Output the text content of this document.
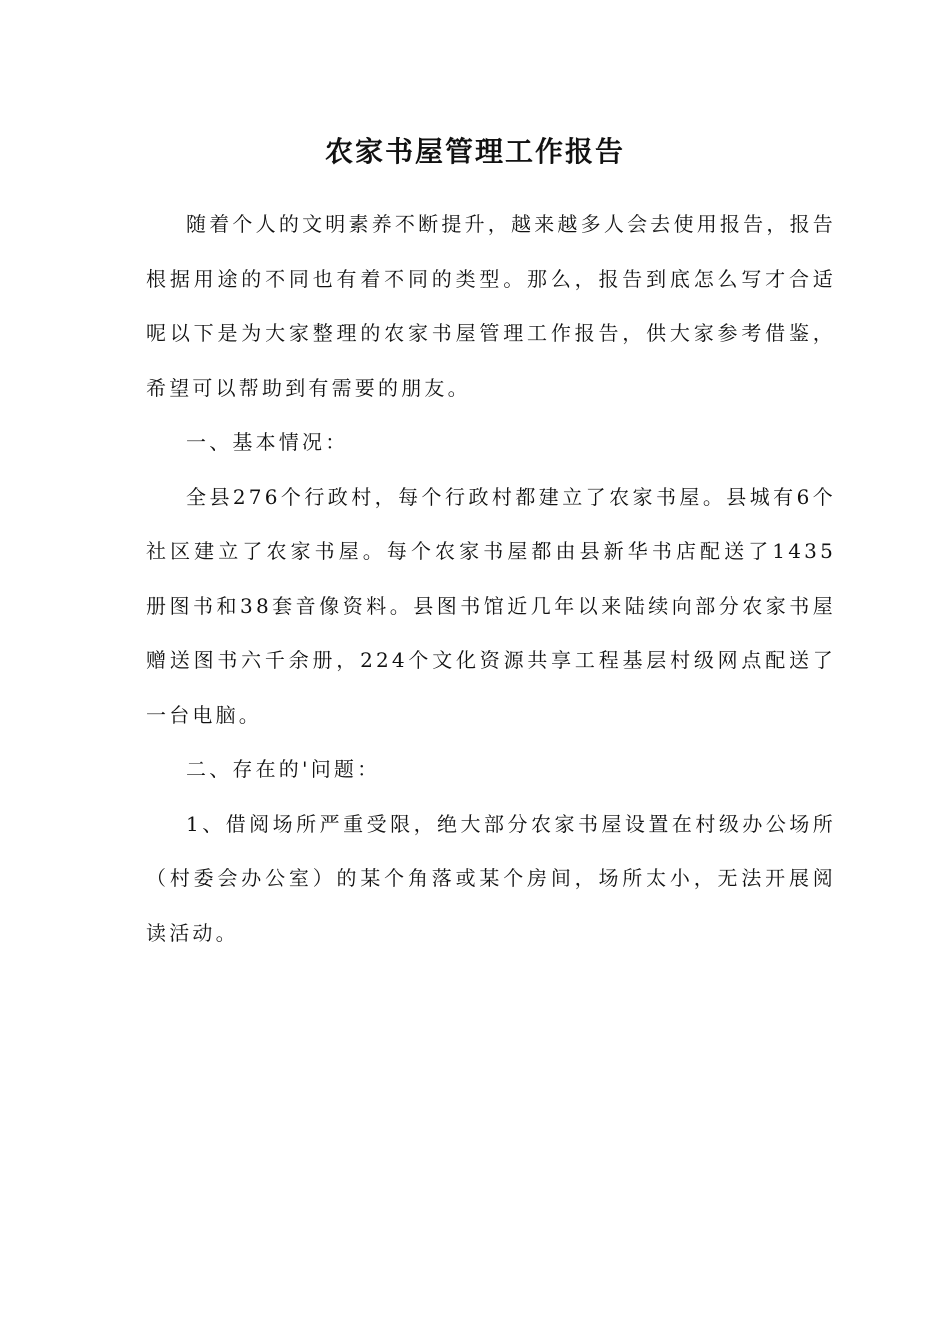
农家书屋管理工作报告

随着个人的文明素养不断提升，越来越多人会去使用报告，报告根据用途的不同也有着不同的类型。那么，报告到底怎么写才合适呢以下是为大家整理的农家书屋管理工作报告，供大家参考借鉴，希望可以帮助到有需要的朋友。

一、基本情况：

全县276个行政村，每个行政村都建立了农家书屋。县城有6个社区建立了农家书屋。每个农家书屋都由县新华书店配送了1435册图书和38套音像资料。县图书馆近几年以来陆续向部分农家书屋赠送图书六千余册，224个文化资源共享工程基层村级网点配送了一台电脑。

二、存在的'问题：

1、借阅场所严重受限，绝大部分农家书屋设置在村级办公场所（村委会办公室）的某个角落或某个房间，场所太小，无法开展阅读活动。
